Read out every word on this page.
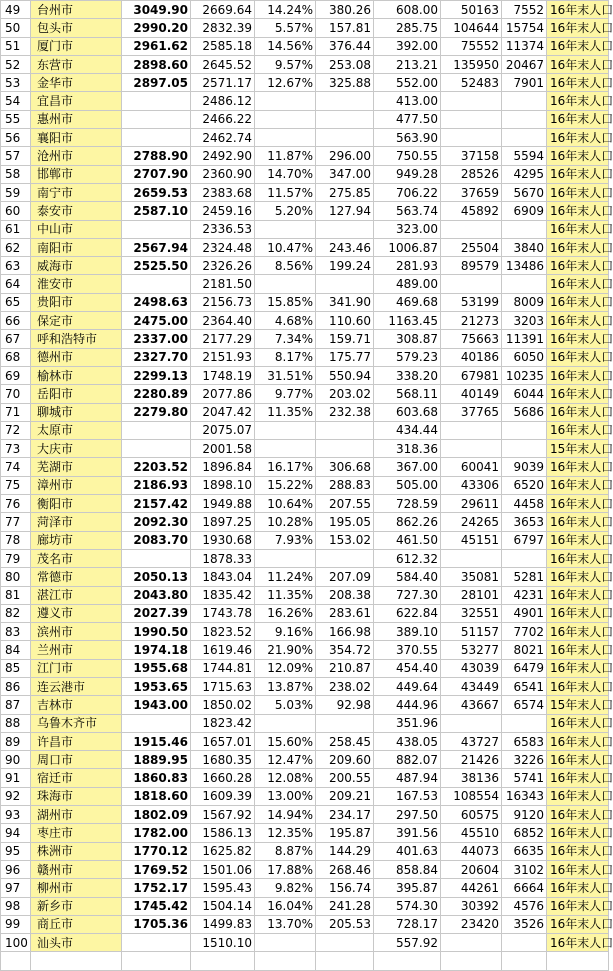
49	台州市	3049.90	2669.64	14.24%	380.26	608.00	50163	7552	16年末人口
50	包头市	2990.20	2832.39	5.57%	157.81	285.75	104644	15754	16年末人口
51	厦门市	2961.62	2585.18	14.56%	376.44	392.00	75552	11374	16年末人口
52	东营市	2898.60	2645.52	9.57%	253.08	213.21	135950	20467	16年末人口
53	金华市	2897.05	2571.17	12.67%	325.88	552.00	52483	7901	16年末人口
54	宜昌市		2486.12			413.00			16年末人口
55	惠州市		2466.22			477.50			16年末人口
56	襄阳市		2462.74			563.90			16年末人口
57	沧州市	2788.90	2492.90	11.87%	296.00	750.55	37158	5594	16年末人口
58	邯郸市	2707.90	2360.90	14.70%	347.00	949.28	28526	4295	16年末人口
59	南宁市	2659.53	2383.68	11.57%	275.85	706.22	37659	5670	16年末人口
60	泰安市	2587.10	2459.16	5.20%	127.94	563.74	45892	6909	16年末人口
61	中山市		2336.53			323.00			16年末人口
62	南阳市	2567.94	2324.48	10.47%	243.46	1006.87	25504	3840	16年末人口
63	威海市	2525.50	2326.26	8.56%	199.24	281.93	89579	13486	16年末人口
64	淮安市		2181.50			489.00			16年末人口
65	贵阳市	2498.63	2156.73	15.85%	341.90	469.68	53199	8009	16年末人口
66	保定市	2475.00	2364.40	4.68%	110.60	1163.45	21273	3203	16年末人口
67	呼和浩特市	2337.00	2177.29	7.34%	159.71	308.87	75663	11391	16年末人口
68	德州市	2327.70	2151.93	8.17%	175.77	579.23	40186	6050	16年末人口
69	榆林市	2299.13	1748.19	31.51%	550.94	338.20	67981	10235	16年末人口
70	岳阳市	2280.89	2077.86	9.77%	203.02	568.11	40149	6044	16年末人口
71	聊城市	2279.80	2047.42	11.35%	232.38	603.68	37765	5686	16年末人口
72	太原市		2075.07			434.44			16年末人口
73	大庆市		2001.58			318.36			15年末人口
74	芜湖市	2203.52	1896.84	16.17%	306.68	367.00	60041	9039	16年末人口
75	漳州市	2186.93	1898.10	15.22%	288.83	505.00	43306	6520	16年末人口
76	衡阳市	2157.42	1949.88	10.64%	207.55	728.59	29611	4458	16年末人口
77	菏泽市	2092.30	1897.25	10.28%	195.05	862.26	24265	3653	16年末人口
78	廊坊市	2083.70	1930.68	7.93%	153.02	461.50	45151	6797	16年末人口
79	茂名市		1878.33			612.32			16年末人口
80	常德市	2050.13	1843.04	11.24%	207.09	584.40	35081	5281	16年末人口
81	湛江市	2043.80	1835.42	11.35%	208.38	727.30	28101	4231	16年末人口
82	遵义市	2027.39	1743.78	16.26%	283.61	622.84	32551	4901	16年末人口
83	滨州市	1990.50	1823.52	9.16%	166.98	389.10	51157	7702	16年末人口
84	兰州市	1974.18	1619.46	21.90%	354.72	370.55	53277	8021	16年末人口
85	江门市	1955.68	1744.81	12.09%	210.87	454.40	43039	6479	16年末人口
86	连云港市	1953.65	1715.63	13.87%	238.02	449.64	43449	6541	16年末人口
87	吉林市	1943.00	1850.02	5.03%	92.98	444.96	43667	6574	15年末人口
88	乌鲁木齐市		1823.42			351.96			16年末人口
89	许昌市	1915.46	1657.01	15.60%	258.45	438.05	43727	6583	16年末人口
90	周口市	1889.95	1680.35	12.47%	209.60	882.07	21426	3226	16年末人口
91	宿迁市	1860.83	1660.28	12.08%	200.55	487.94	38136	5741	16年末人口
92	珠海市	1818.60	1609.39	13.00%	209.21	167.53	108554	16343	16年末人口
93	湖州市	1802.09	1567.92	14.94%	234.17	297.50	60575	9120	16年末人口
94	枣庄市	1782.00	1586.13	12.35%	195.87	391.56	45510	6852	16年末人口
95	株洲市	1770.12	1625.82	8.87%	144.29	401.63	44073	6635	16年末人口
96	赣州市	1769.52	1501.06	17.88%	268.46	858.84	20604	3102	16年末人口
97	柳州市	1752.17	1595.43	9.82%	156.74	395.87	44261	6664	16年末人口
98	新乡市	1745.42	1504.14	16.04%	241.28	574.30	30392	4576	16年末人口
99	商丘市	1705.36	1499.83	13.70%	205.53	728.17	23420	3526	16年末人口
100	汕头市		1510.10			557.92			16年末人口
